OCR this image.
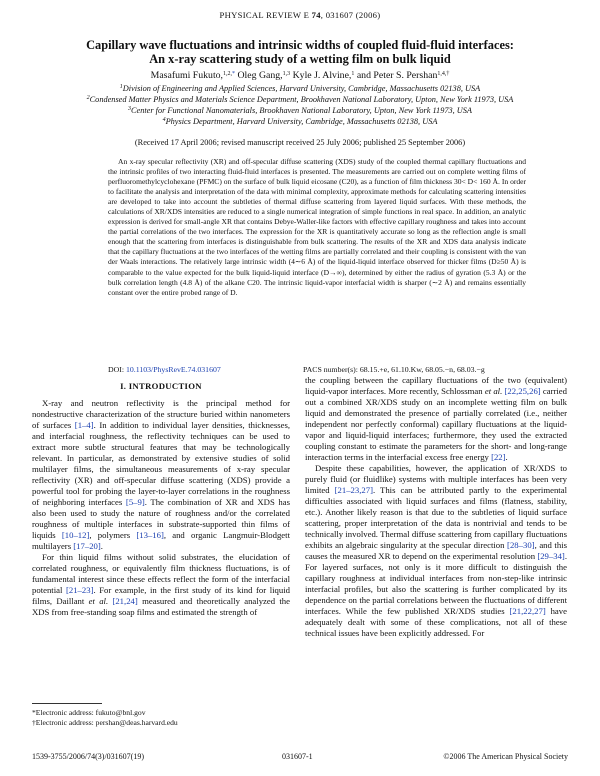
PHYSICAL REVIEW E 74, 031607 (2006)
Capillary wave fluctuations and intrinsic widths of coupled fluid-fluid interfaces:
An x-ray scattering study of a wetting film on bulk liquid
Masafumi Fukuto,$^{1,2,*}$ Oleg Gang,$^{1,3}$ Kyle J. Alvine,$^1$ and Peter S. Pershan$^{1,4,\dagger}$
$^1$Division of Engineering and Applied Sciences, Harvard University, Cambridge, Massachusetts 02138, USA
$^2$Condensed Matter Physics and Materials Science Department, Brookhaven National Laboratory, Upton, New York 11973, USA
$^3$Center for Functional Nanomaterials, Brookhaven National Laboratory, Upton, New York 11973, USA
$^4$Physics Department, Harvard University, Cambridge, Massachusetts 02138, USA
(Received 17 April 2006; revised manuscript received 25 July 2006; published 25 September 2006)

An x-ray specular reflectivity (XR) and off-specular diffuse scattering (XDS) study of the coupled thermal capillary fluctuations and the intrinsic profiles of two interacting fluid-fluid interfaces is presented. The measurements are carried out on complete wetting films of perfluoromethylcyclohexane (PFMC) on the surface of bulk liquid eicosane (C20), as a function of film thickness 30< D< 160 Å. In order to facilitate the analysis and interpretation of the data with minimal complexity, approximate methods for calculating scattering intensities are developed to take into account the subtleties of thermal diffuse scattering from layered liquid surfaces. With these methods, the calculations of XR/XDS intensities are reduced to a single numerical integration of simple functions in real space. In addition, an analytic expression is derived for small-angle XR that contains Debye-Waller-like factors with effective capillary roughness and takes into account the partial correlations of the two interfaces. The expression for the XR is quantitatively accurate so long as the reflection angle is small enough that the scattering from interfaces is distinguishable from bulk scattering. The results of the XR and XDS data analysis indicate that the capillary fluctuations at the two interfaces of the wetting films are partially correlated and their coupling is consistent with the van der Waals interactions. The relatively large intrinsic width (4∼6 Å) of the liquid-liquid interface observed for thicker films (D≥50 Å) is comparable to the value expected for the bulk liquid-liquid interface (D→∞), determined by either the radius of gyration (5.3 Å) or the bulk correlation length (4.8 Å) of the alkane C20. The intrinsic liquid-vapor interfacial width is sharper (∼2 Å) and remains essentially constant over the entire probed range of D.

DOI: 10.1103/PhysRevE.74.031607	PACS number(s): 68.15.+e, 61.10.Kw, 68.05.−n, 68.03.−g
I. INTRODUCTION

X-ray and neutron reflectivity is the principal method for nondestructive characterization of the structure buried within nanometers of surfaces [1–4]. In addition to individual layer densities, thicknesses, and interfacial roughness, the reflectivity techniques can be used to extract more subtle structural features that may be technologically relevant. In particular, as demonstrated by extensive studies of solid multilayer films, the simultaneous measurements of x-ray specular reflectivity (XR) and off-specular diffuse scattering (XDS) provide a powerful tool for probing the layer-to-layer correlations in the roughness of neighboring interfaces [5–9]. The combination of XR and XDS has also been used to study the nature of roughness and/or the correlated roughness of multiple interfaces in substrate-supported thin films of liquids [10–12], polymers [13–16], and organic Langmuir-Blodgett multilayers [17–20].

For thin liquid films without solid substrates, the elucidation of correlated roughness, or equivalently film thickness fluctuations, is of fundamental interest since these effects reflect the form of the interfacial potential [21–23]. For example, in the first study of its kind for liquid films, Daillant et al. [21,24] measured and theoretically analyzed the XDS from free-standing soap films and estimated the strength of

*Electronic address: fukuto@bnl.gov
†Electronic address: pershan@deas.harvard.edu

the coupling between the capillary fluctuations of the two (equivalent) liquid-vapor interfaces. More recently, Schlossman et al. [22,25,26] carried out a combined XR/XDS study on an incomplete wetting film on bulk liquid and demonstrated the presence of partially correlated (i.e., neither independent nor perfectly conformal) capillary fluctuations at the liquid-vapor and liquid-liquid interfaces; furthermore, they used the extracted coupling constant to estimate the parameters for the short- and long-range interaction terms in the interfacial excess free energy [22].

Despite these capabilities, however, the application of XR/XDS to purely fluid (or fluidlike) systems with multiple interfaces has been very limited [21–23,27]. This can be attributed partly to the experimental difficulties associated with liquid surfaces and films (flatness, stability, etc.). Another likely reason is that due to the subtleties of liquid surface scattering, proper interpretation of the data is nontrivial and tends to be technically involved. Thermal diffuse scattering from capillary fluctuations exhibits an algebraic singularity at the specular direction [28–30], and this causes the measured XR to depend on the experimental resolution [29–34]. For layered surfaces, not only is it more difficult to distinguish the capillary roughness at individual interfaces from non-step-like intrinsic interfacial profiles, but also the scattering is further complicated by its dependence on the partial correlations between the fluctuations of different interfaces. While the few published XR/XDS studies [21,22,27] have adequately dealt with some of these complications, not all of these technical issues have been explicitly addressed. For

1539-3755/2006/74(3)/031607(19)	031607-1	©2006 The American Physical Society
